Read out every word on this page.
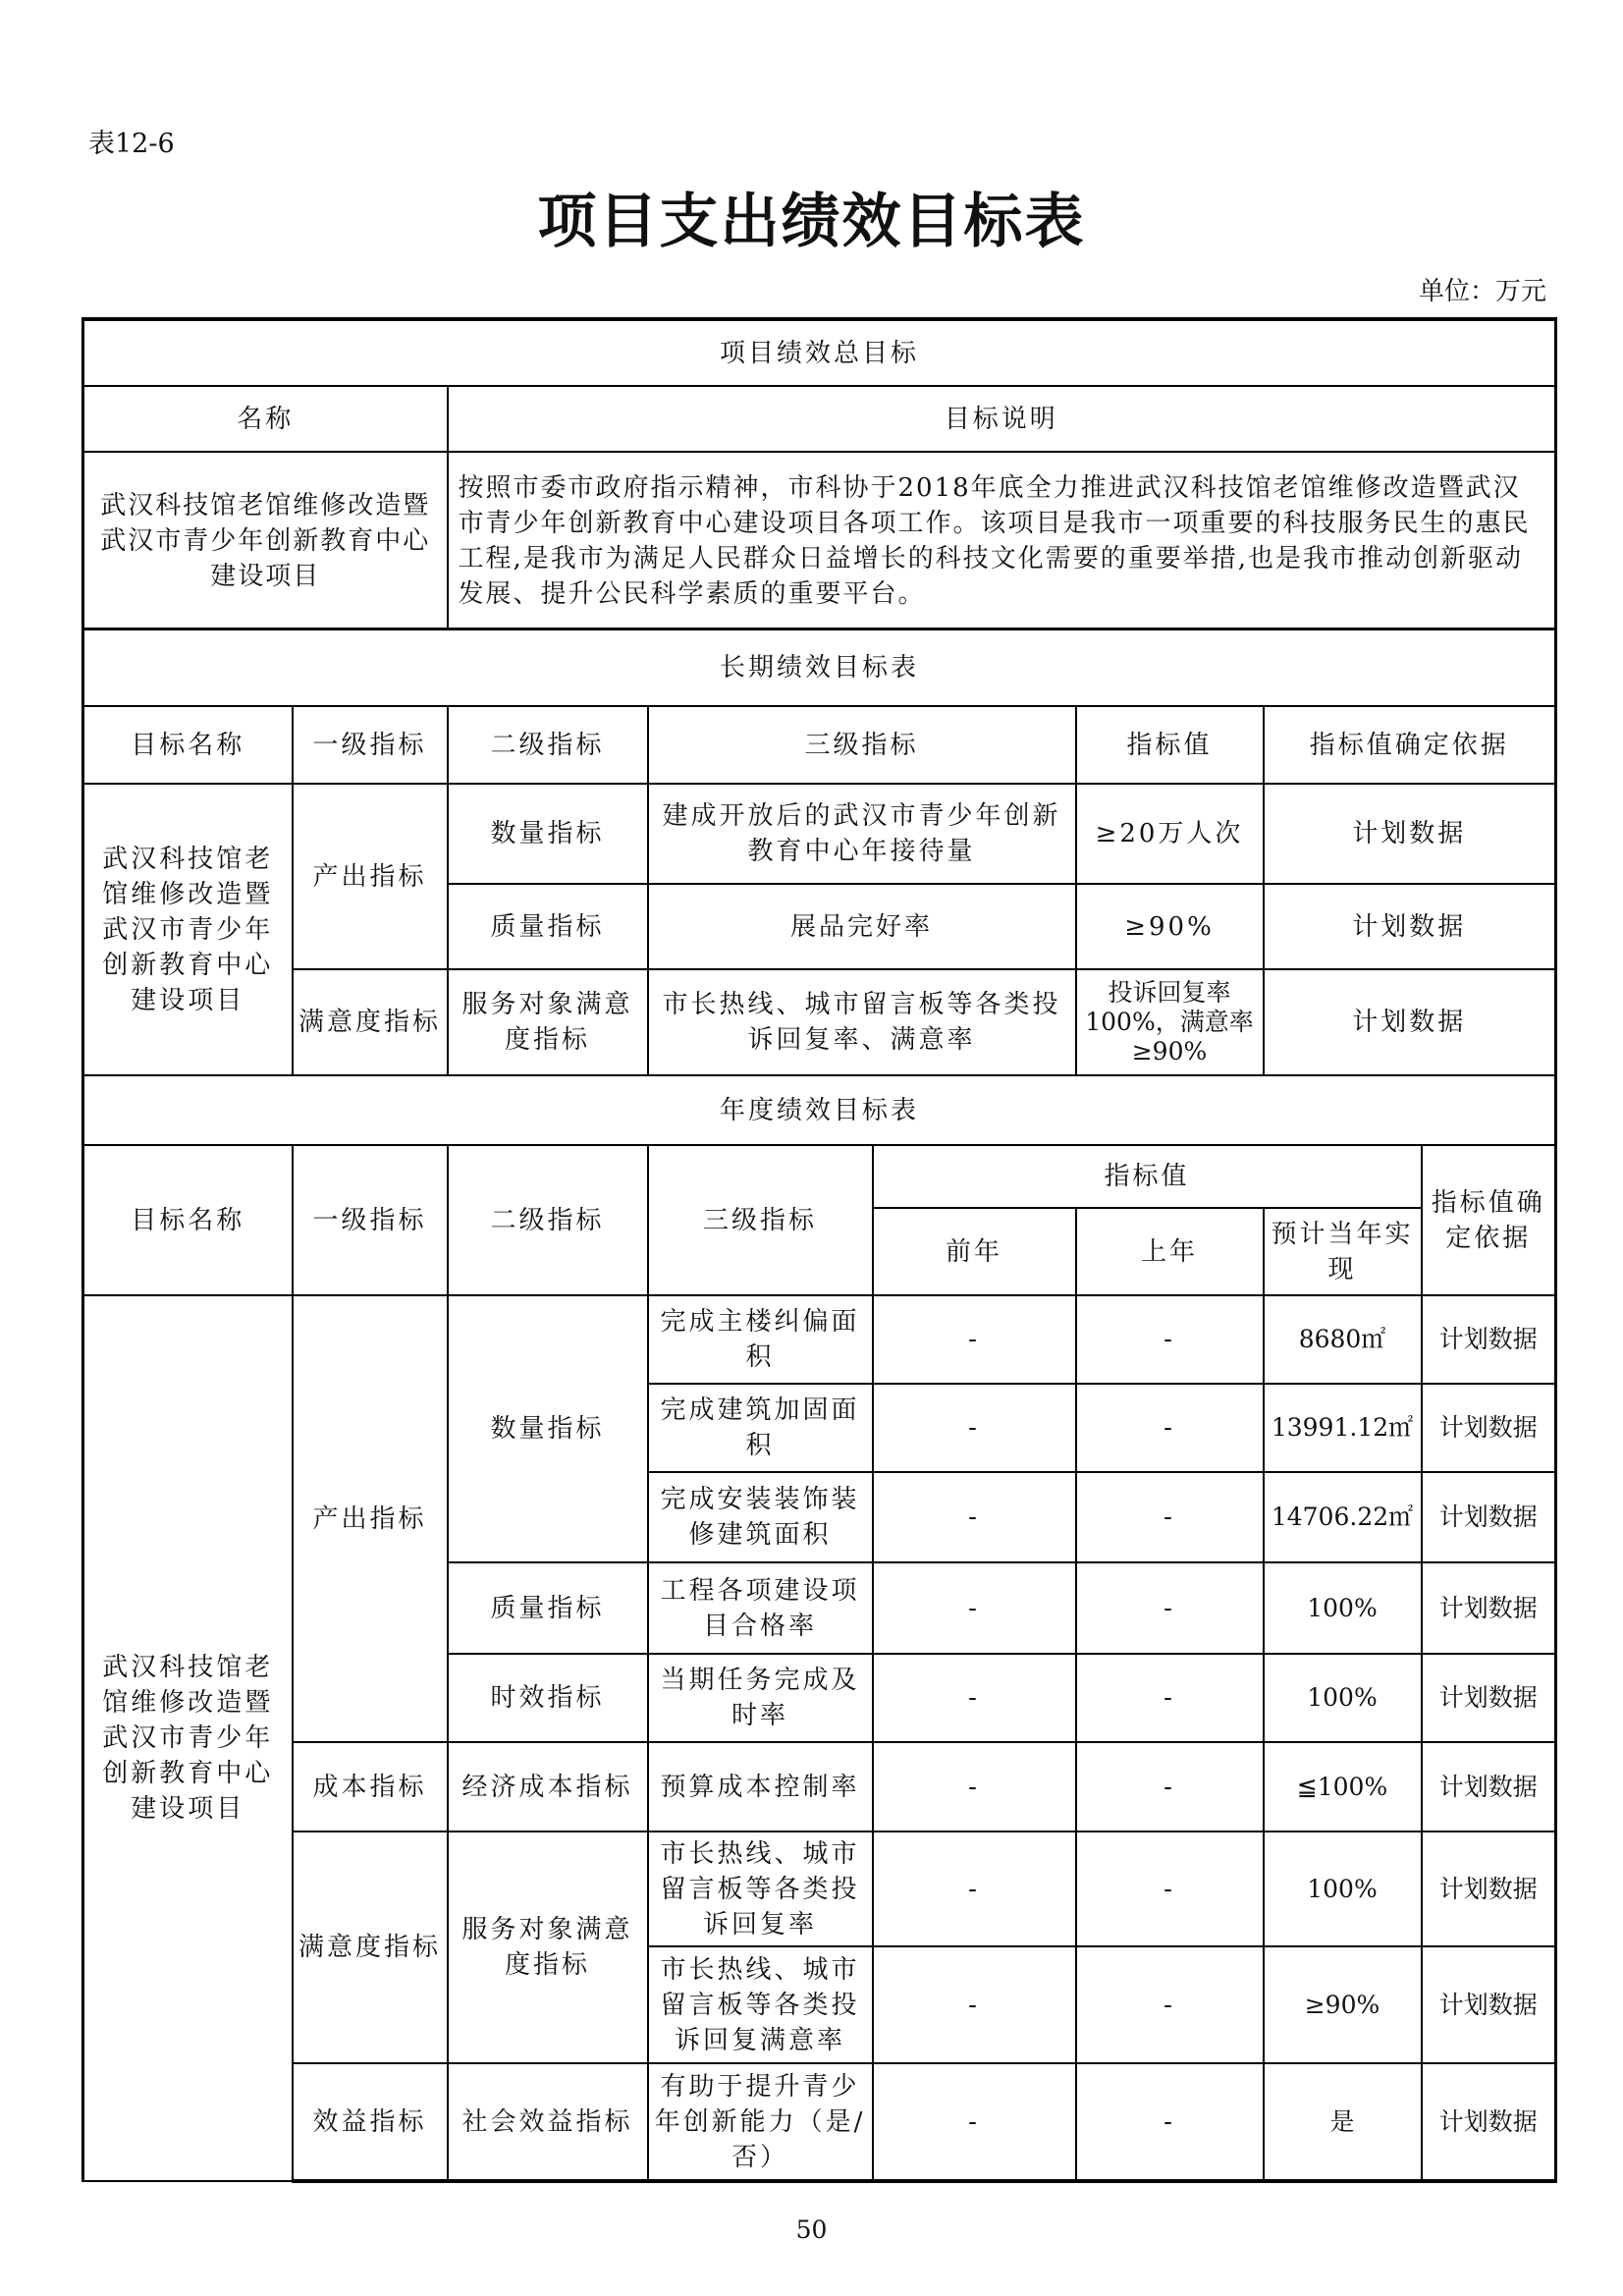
表12-6
项目支出绩效目标表
单位：万元
项目绩效总目标	
名称	目标说明
武汉科技馆老馆维修改造暨武汉市青少年创新教育中心建设项目	按照市委市政府指示精神，市科协于2018年底全力推进武汉科技馆老馆维修改造暨武汉市青少年创新教育中心建设项目各项工作。该项目是我市一项重要的科技服务民生的惠民工程,是我市为满足人民群众日益增长的科技文化需要的重要举措,也是我市推动创新驱动发展、提升公民科学素质的重要平台。
长期绩效目标表					
目标名称	一级指标	二级指标	三级指标	指标值	指标值确定依据
武汉科技馆老馆维修改造暨武汉市青少年创新教育中心建设项目	产出指标	数量指标	建成开放后的武汉市青少年创新教育中心年接待量	≥20万人次	计划数据
		质量指标	展品完好率	≥90%	计划数据
	满意度指标	服务对象满意度指标	市长热线、城市留言板等各类投诉回复率、满意率	投诉回复率100%，满意率≥90%	计划数据
年度绩效目标表							
目标名称	一级指标	二级指标	三级指标	指标值			指标值确定依据
				前年	上年	预计当年实现	
武汉科技馆老馆维修改造暨武汉市青少年创新教育中心建设项目	产出指标	数量指标	完成主楼纠偏面积	-	-	8680㎡	计划数据
			完成建筑加固面积	-	-	13991.12㎡	计划数据
			完成安装装饰装修建筑面积	-	-	14706.22㎡	计划数据
		质量指标	工程各项建设项目合格率	-	-	100%	计划数据
		时效指标	当期任务完成及时率	-	-	100%	计划数据
	成本指标	经济成本指标	预算成本控制率	-	-	≦100%	计划数据
	满意度指标	服务对象满意度指标	市长热线、城市留言板等各类投诉回复率	-	-	100%	计划数据
			市长热线、城市留言板等各类投诉回复满意率	-	-	≥90%	计划数据
	效益指标	社会效益指标	有助于提升青少年创新能力（是/否）	-	-	是	计划数据
50
